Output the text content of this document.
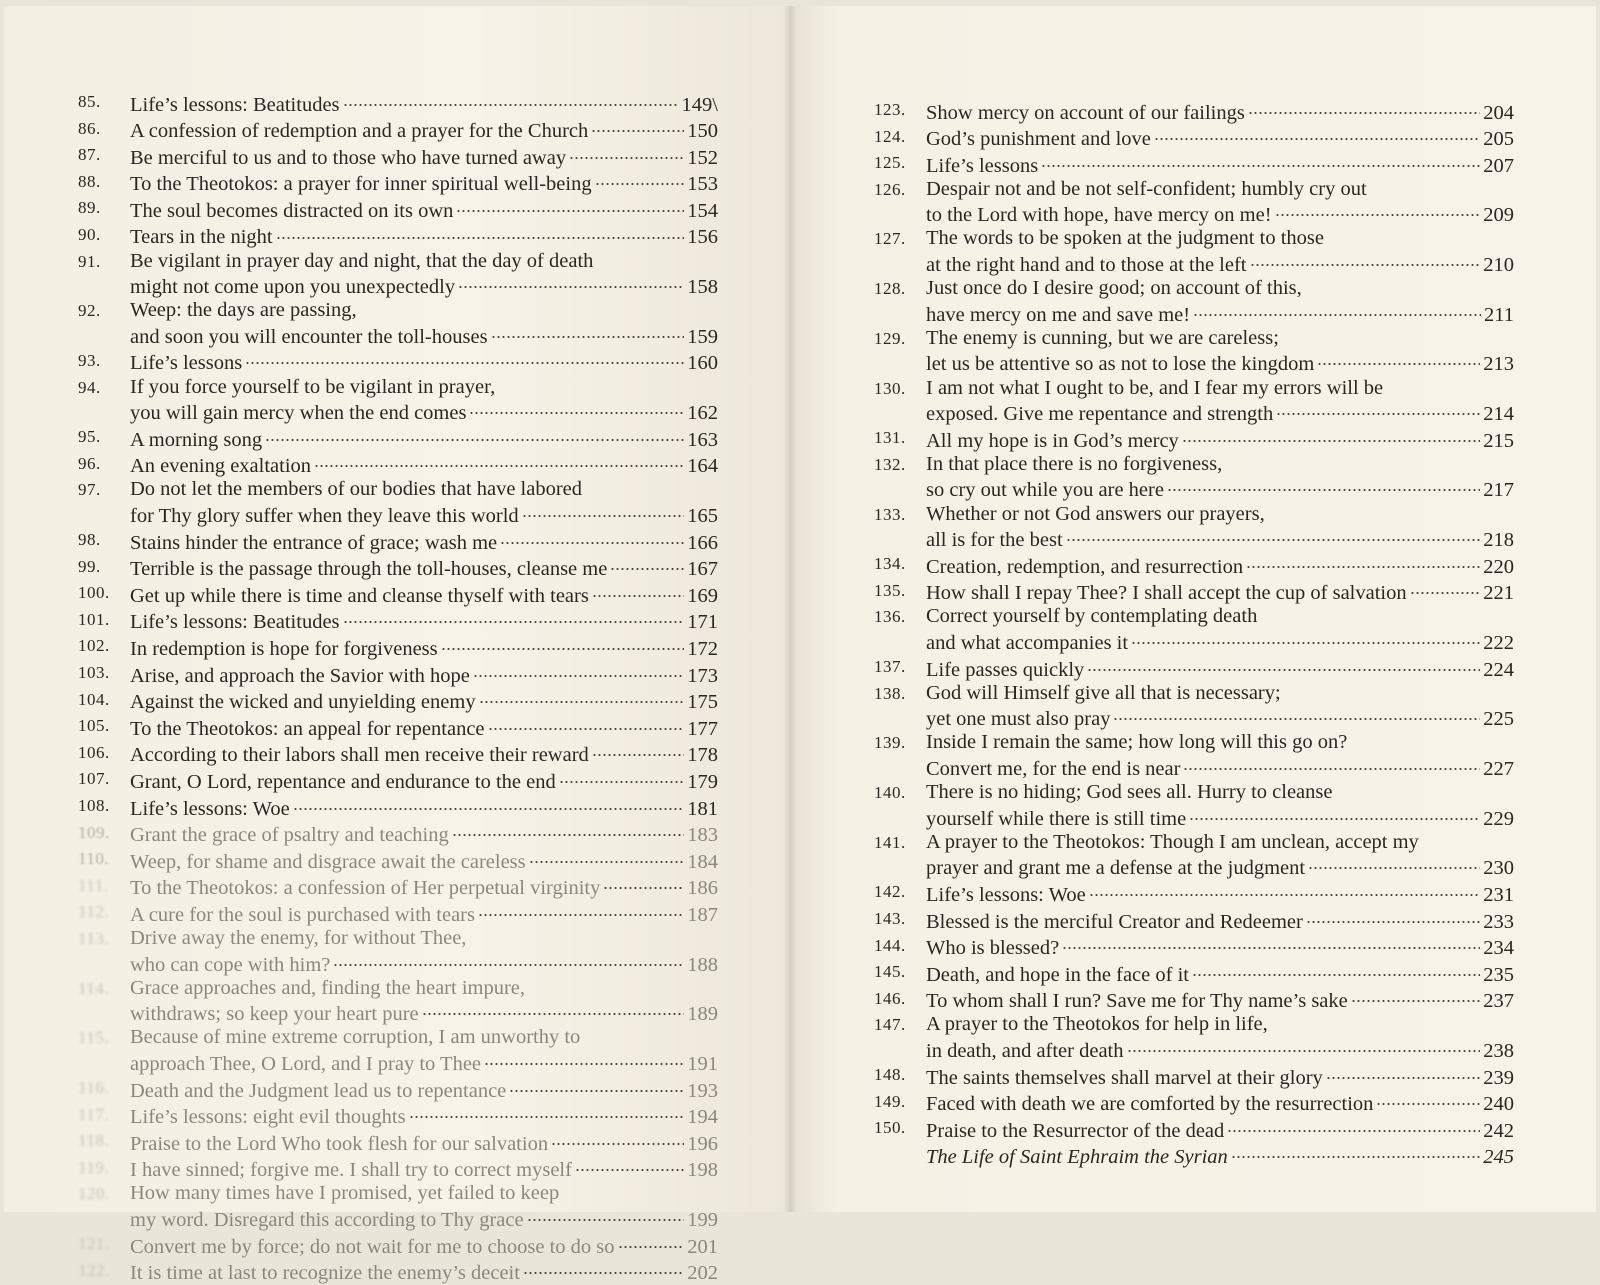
85.	Life’s lessons: Beatitudes	149\
86.	A confession of redemption and a prayer for the Church	150
87.	Be merciful to us and to those who have turned away	152
88.	To the Theotokos: a prayer for inner spiritual well-being	153
89.	The soul becomes distracted on its own	154
90.	Tears in the night	156
91.	Be vigilant in prayer day and night, that the day of death
might not come upon you unexpectedly	158
92.	Weep: the days are passing,
and soon you will encounter the toll-houses	159
93.	Life’s lessons	160
94.	If you force yourself to be vigilant in prayer,
you will gain mercy when the end comes	162
95.	A morning song	163
96.	An evening exaltation	164
97.	Do not let the members of our bodies that have labored
for Thy glory suffer when they leave this world	165
98.	Stains hinder the entrance of grace; wash me	166
99.	Terrible is the passage through the toll-houses, cleanse me	167
100. Get up while there is time and cleanse thyself with tears	169
101. Life’s lessons: Beatitudes	171
102. In redemption is hope for forgiveness	172
103. Arise, and approach the Savior with hope	173
104. Against the wicked and unyielding enemy	175
105. To the Theotokos: an appeal for repentance	177
106. According to their labors shall men receive their reward	178
107. Grant, O Lord, repentance and endurance to the end	179
108. Life’s lessons: Woe	181
109. Grant the grace of psaltry and teaching	183
110.	Weep, for shame and disgrace await the careless	184
111.	To the Theotokos: a confession of Her perpetual virginity	186
112.	A cure for the soul is purchased with tears	187
113.	Drive away the enemy, for without Thee,
who can cope with him?	188
114.	Grace approaches and, finding the heart impure,
withdraws; so keep your heart pure	189
115.	Because of mine extreme corruption, I am unworthy to
approach Thee, O Lord, and I pray to Thee	191
116.	Death and the Judgment lead us to repentance	193
117.	Life’s lessons: eight evil thoughts	194
118.	Praise to the Lord Who took flesh for our salvation	196
119.	I have sinned; forgive me. I shall try to correct myself	198
120. How many times have I promised, yet failed to keep
my word. Disregard this according to Thy grace	199
121. Convert me by force; do not wait for me to choose to do so	201
122. It is time at last to recognize the enemy’s deceit	202
123. Show mercy on account of our failings	204
124. God’s punishment and love	205
125. Life’s lessons	207
126. Despair not and be not self-confident; humbly cry out
to the Lord with hope, have mercy on me!	209
127. The words to be spoken at the judgment to those
at the right hand and to those at the left	210
128. Just once do I desire good; on account of this,
have mercy on me and save me!	211
129. The enemy is cunning, but we are careless;
let us be attentive so as not to lose the kingdom	213
130. I am not what I ought to be, and I fear my errors will be
exposed. Give me repentance and strength	214
131. All my hope is in God’s mercy	215
132. In that place there is no forgiveness,
so cry out while you are here	217
133. Whether or not God answers our prayers,
all is for the best	218
134. Creation, redemption, and resurrection	220
135. How shall I repay Thee? I shall accept the cup of salvation	221
136. Correct yourself by contemplating death
and what accompanies it	222
137. Life passes quickly	224
138. God will Himself give all that is necessary;
yet one must also pray	225
139. Inside I remain the same; how long will this go on?
Convert me, for the end is near	227
140. There is no hiding; God sees all. Hurry to cleanse
yourself while there is still time	229
141. A prayer to the Theotokos: Though I am unclean, accept my
prayer and grant me a defense at the judgment	230
142. Life’s lessons: Woe	231
143. Blessed is the merciful Creator and Redeemer	233
144. Who is blessed?	234
145. Death, and hope in the face of it	235
146. To whom shall I run? Save me for Thy name’s sake	237
147. A prayer to the Theotokos for help in life,
in death, and after death	238
148. The saints themselves shall marvel at their glory	239
149. Faced with death we are comforted by the resurrection	240
150. Praise to the Resurrector of the dead	242
The Life of Saint Ephraim the Syrian	245
